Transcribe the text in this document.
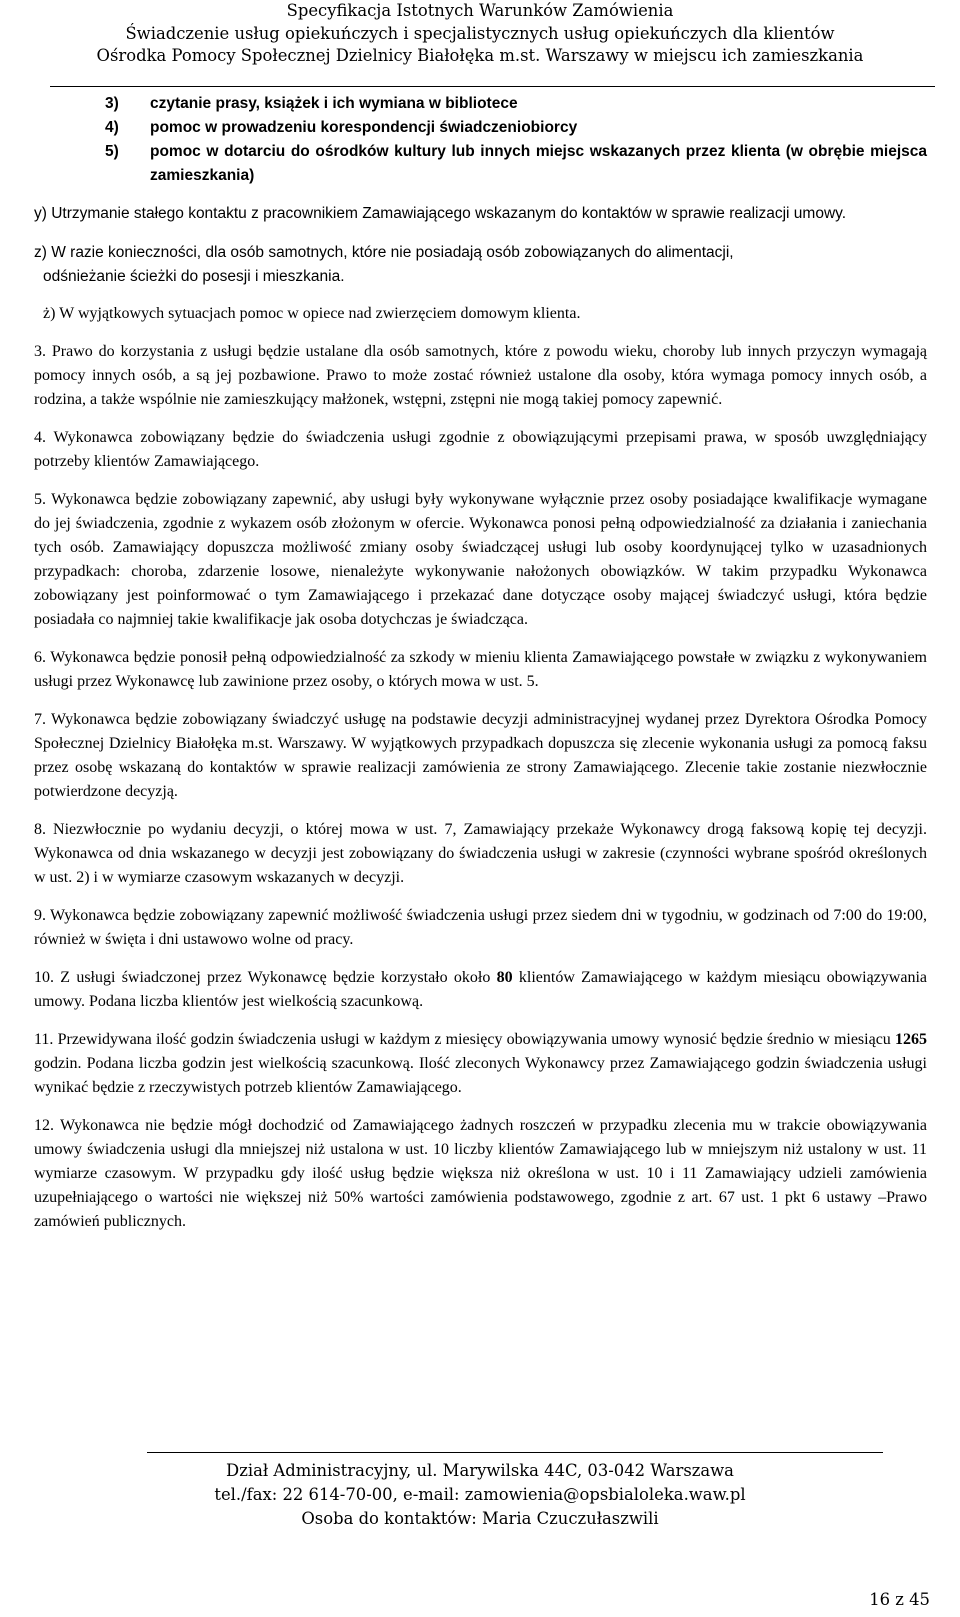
Specyfikacja Istotnych Warunków Zamówienia
Świadczenie usług opiekuńczych i specjalistycznych usług opiekuńczych dla klientów
Ośrodka Pomocy Społecznej Dzielnicy Białołęka m.st. Warszawy w miejscu ich zamieszkania
3) czytanie prasy, książek i ich wymiana w bibliotece
4) pomoc w prowadzeniu korespondencji świadczeniobiorcy
5) pomoc w dotarciu do ośrodków kultury lub innych miejsc wskazanych przez klienta (w obrębie miejsca zamieszkania)
y) Utrzymanie stałego kontaktu z pracownikiem Zamawiającego wskazanym do kontaktów w sprawie realizacji umowy.
z) W razie konieczności, dla osób samotnych, które nie posiadają osób zobowiązanych do alimentacji,
odśnieżanie ścieżki do posesji i mieszkania.
ż) W wyjątkowych sytuacjach pomoc w opiece nad zwierzęciem domowym klienta.

3. Prawo do korzystania z usługi będzie ustalane dla osób samotnych, które z powodu wieku, choroby lub innych przyczyn wymagają pomocy innych osób, a są jej pozbawione. Prawo to może zostać również ustalone dla osoby, która wymaga pomocy innych osób, a rodzina, a także wspólnie nie zamieszkujący małżonek, wstępni, zstępni nie mogą takiej pomocy zapewnić.

4. Wykonawca zobowiązany będzie do świadczenia usługi zgodnie z obowiązującymi przepisami prawa, w sposób uwzględniający potrzeby klientów Zamawiającego.

5. Wykonawca będzie zobowiązany zapewnić, aby usługi były wykonywane wyłącznie przez osoby posiadające kwalifikacje wymagane do jej świadczenia, zgodnie z wykazem osób złożonym w ofercie. Wykonawca ponosi pełną odpowiedzialność za działania i zaniechania tych osób. Zamawiający dopuszcza możliwość zmiany osoby świadczącej usługi lub osoby koordynującej tylko w uzasadnionych przypadkach: choroba, zdarzenie losowe, nienależyte wykonywanie nałożonych obowiązków. W takim przypadku Wykonawca zobowiązany jest poinformować o tym Zamawiającego i przekazać dane dotyczące osoby mającej świadczyć usługi, która będzie posiadała co najmniej takie kwalifikacje jak osoba dotychczas je świadcząca.

6. Wykonawca będzie ponosił pełną odpowiedzialność za szkody w mieniu klienta Zamawiającego powstałe w związku z wykonywaniem usługi przez Wykonawcę lub zawinione przez osoby, o których mowa w ust. 5.

7. Wykonawca będzie zobowiązany świadczyć usługę na podstawie decyzji administracyjnej wydanej przez Dyrektora Ośrodka Pomocy Społecznej Dzielnicy Białołęka m.st. Warszawy. W wyjątkowych przypadkach dopuszcza się zlecenie wykonania usługi za pomocą faksu przez osobę wskazaną do kontaktów w sprawie realizacji zamówienia ze strony Zamawiającego. Zlecenie takie zostanie niezwłocznie potwierdzone decyzją.

8. Niezwłocznie po wydaniu decyzji, o której mowa w ust. 7, Zamawiający przekaże Wykonawcy drogą faksową kopię tej decyzji. Wykonawca od dnia wskazanego w decyzji jest zobowiązany do świadczenia usługi w zakresie (czynności wybrane spośród określonych w ust. 2) i w wymiarze czasowym wskazanych w decyzji.

9. Wykonawca będzie zobowiązany zapewnić możliwość świadczenia usługi przez siedem dni w tygodniu, w godzinach od 7:00 do 19:00, również w święta i dni ustawowo wolne od pracy.

10. Z usługi świadczonej przez Wykonawcę będzie korzystało około 80 klientów Zamawiającego w każdym miesiącu obowiązywania umowy. Podana liczba klientów jest wielkością szacunkową.

11. Przewidywana ilość godzin świadczenia usługi w każdym z miesięcy obowiązywania umowy wynosić będzie średnio w miesiącu 1265 godzin. Podana liczba godzin jest wielkością szacunkową. Ilość zleconych Wykonawcy przez Zamawiającego godzin świadczenia usługi wynikać będzie z rzeczywistych potrzeb klientów Zamawiającego.

12. Wykonawca nie będzie mógł dochodzić od Zamawiającego żadnych roszczeń w przypadku zlecenia mu w trakcie obowiązywania umowy świadczenia usługi dla mniejszej niż ustalona w ust. 10 liczby klientów Zamawiającego lub w mniejszym niż ustalony w ust. 11 wymiarze czasowym. W przypadku gdy ilość usług będzie większa niż określona w ust. 10 i 11 Zamawiający udzieli zamówienia uzupełniającego o wartości nie większej niż 50% wartości zamówienia podstawowego, zgodnie z art. 67 ust. 1 pkt 6 ustawy –Prawo zamówień publicznych.

Dział Administracyjny, ul. Marywilska 44C, 03-042 Warszawa
tel./fax: 22 614-70-00, e-mail: zamowienia@opsbialoleka.waw.pl
Osoba do kontaktów: Maria Czuczułaszwili
16 z 45
